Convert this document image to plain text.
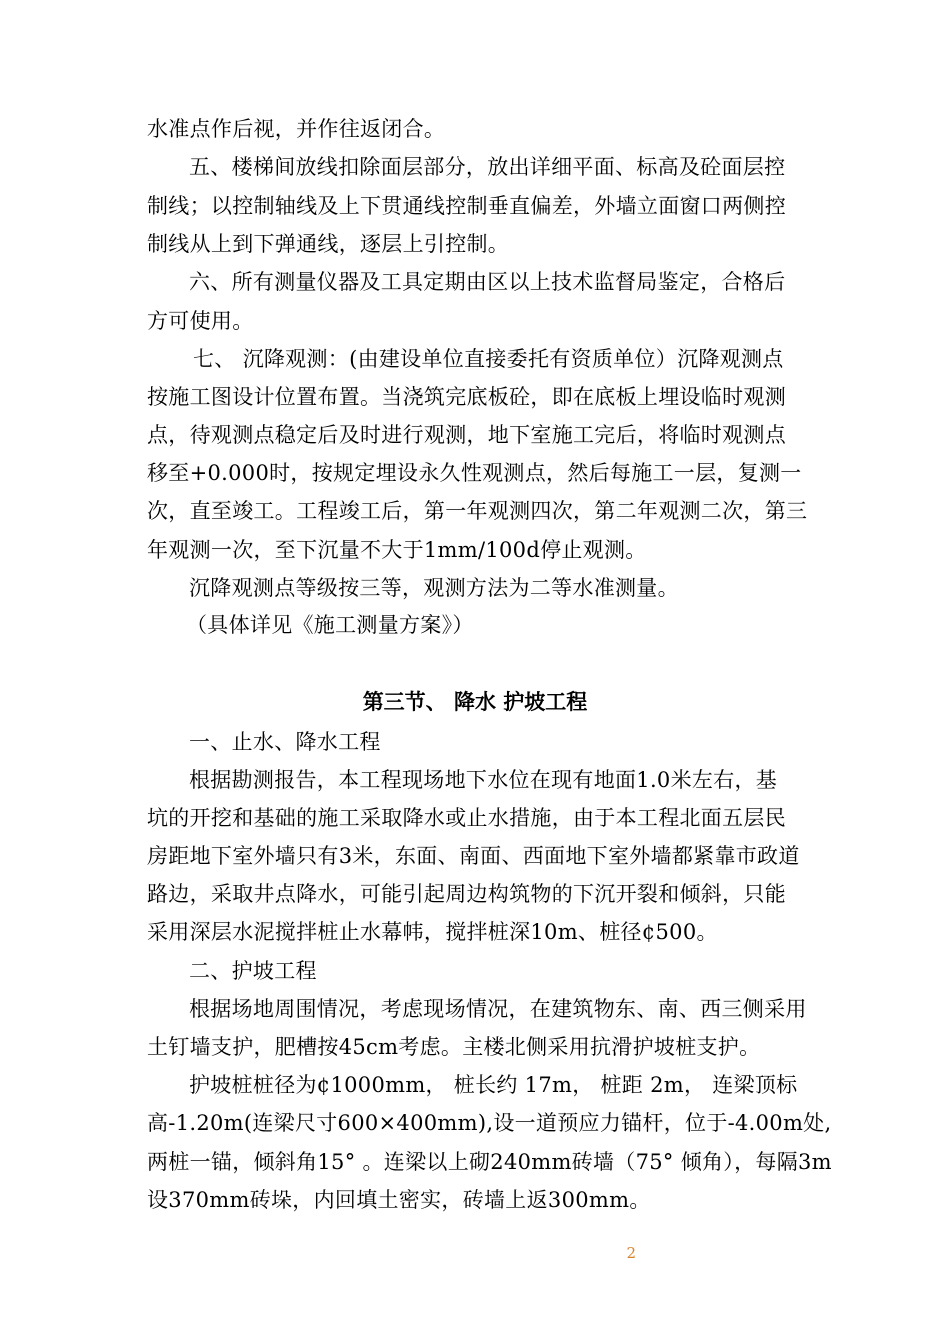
水准点作后视，并作往返闭合。
五、楼梯间放线扣除面层部分，放出详细平面、标高及砼面层控
制线；以控制轴线及上下贯通线控制垂直偏差，外墙立面窗口两侧控
制线从上到下弹通线，逐层上引控制。
六、所有测量仪器及工具定期由区以上技术监督局鉴定，合格后
方可使用。
七、 沉降观测：(由建设单位直接委托有资质单位）沉降观测点
按施工图设计位置布置。当浇筑完底板砼，即在底板上埋设临时观测
点，待观测点稳定后及时进行观测，地下室施工完后，将临时观测点
移至+0.000时，按规定埋设永久性观测点，然后每施工一层，复测一
次，直至竣工。工程竣工后，第一年观测四次，第二年观测二次，第三
年观测一次，至下沉量不大于1mm/100d停止观测。
沉降观测点等级按三等，观测方法为二等水准测量。
（具体详见《施工测量方案》）
第三节、 降水 护坡工程
一、止水、降水工程
根据勘测报告，本工程现场地下水位在现有地面1.0米左右，基
坑的开挖和基础的施工采取降水或止水措施，由于本工程北面五层民
房距地下室外墙只有3米，东面、南面、西面地下室外墙都紧靠市政道
路边，采取井点降水，可能引起周边构筑物的下沉开裂和倾斜，只能
采用深层水泥搅拌桩止水幕帏，搅拌桩深10m、桩径¢500。
二、护坡工程
根据场地周围情况，考虑现场情况，在建筑物东、南、西三侧采用
土钉墙支护，肥槽按45cm考虑。主楼北侧采用抗滑护坡桩支护。
护坡桩桩径为¢1000mm， 桩长约 17m， 桩距 2m， 连梁顶标
高-1.20m(连梁尺寸600×400mm),设一道预应力锚杆，位于-4.00m处,
两桩一锚，倾斜角15° 。连梁以上砌240mm砖墙（75° 倾角），每隔3m
设370mm砖垛，内回填土密实，砖墙上返300mm。
2
